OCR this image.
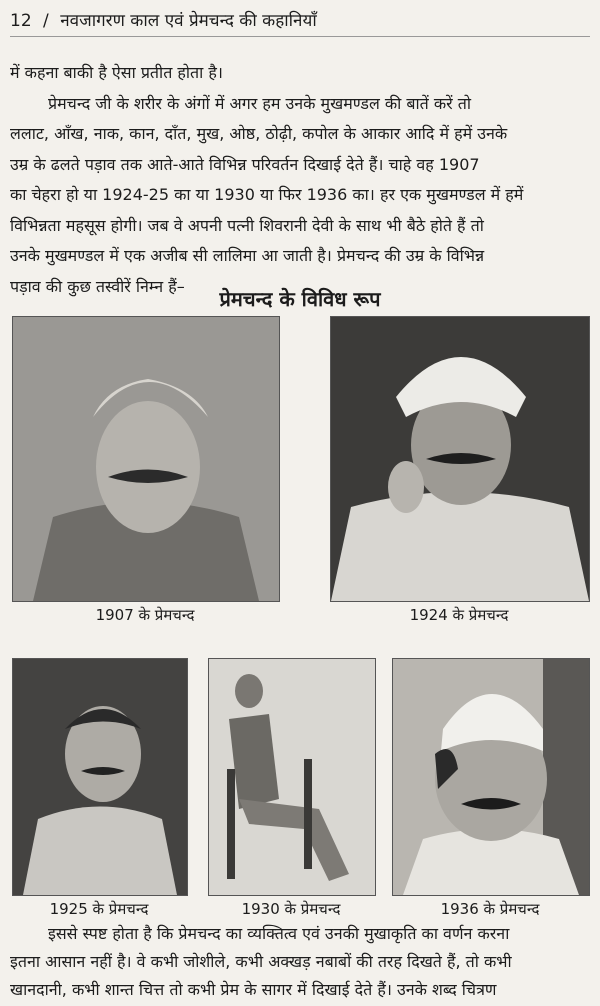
12 / नवजागरण काल एवं प्रेमचन्द की कहानियाँ
में कहना बाकी है ऐसा प्रतीत होता है।
प्रेमचन्द जी के शरीर के अंगों में अगर हम उनके मुखमण्डल की बातें करें तो
ललाट, आँख, नाक, कान, दाँत, मुख, ओष्ठ, ठोढ़ी, कपोल के आकार आदि में हमें उनके
उम्र के ढलते पड़ाव तक आते-आते विभिन्न परिवर्तन दिखाई देते हैं। चाहे वह 1907
का चेहरा हो या 1924-25 का या 1930 या फिर 1936 का। हर एक मुखमण्डल में हमें
विभिन्नता महसूस होगी। जब वे अपनी पत्नी शिवरानी देवी के साथ भी बैठे होते हैं तो
उनके मुखमण्डल में एक अजीब सी लालिमा आ जाती है। प्रेमचन्द की उम्र के विभिन्न
पड़ाव की कुछ तस्वीरें निम्न हैं–
प्रेमचन्द के विविध रूप
1907 के प्रेमचन्द	1924 के प्रेमचन्द
1925 के प्रेमचन्द	1930 के प्रेमचन्द	1936 के प्रेमचन्द
इससे स्पष्ट होता है कि प्रेमचन्द का व्यक्तित्व एवं उनकी मुखाकृति का वर्णन करना
इतना आसान नहीं है। वे कभी जोशीले, कभी अक्खड़ नबाबों की तरह दिखते हैं, तो कभी
खानदानी, कभी शान्त चित्त तो कभी प्रेम के सागर में दिखाई देते हैं। उनके शब्द चित्रण
